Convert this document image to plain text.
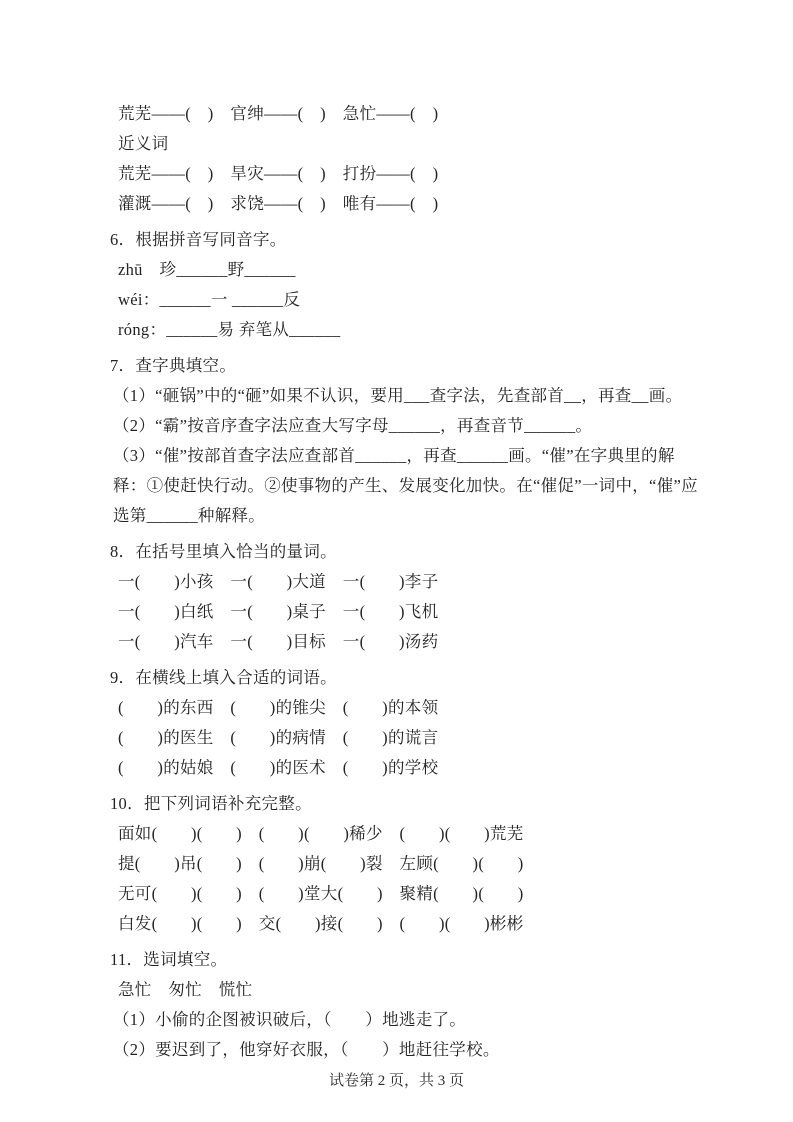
荒芜——(　)　官绅——(　)　急忙——(　)

近义词

荒芜——(　)　旱灾——(　)　打扮——(　)

灌溉——(　)　求饶——(　)　唯有——(　)

6．根据拼音写同音字。

zhū　珍______野______

wéi：______一 ______反

róng：______易 弃笔从______

7．查字典填空。

（1）“砸锅”中的“砸”如果不认识，要用___查字法，先查部首__，再查__画。

（2）“霸”按音序查字法应查大写字母______，再查音节______。

（3）“催”按部首查字法应查部首______，再查______画。“催”在字典里的解释：①使赶快行动。②使事物的产生、发展变化加快。在“催促”一词中，“催”应选第______种解释。

8．在括号里填入恰当的量词。

一(　　)小孩　一(　　)大道　一(　　)李子

一(　　)白纸　一(　　)桌子　一(　　)飞机

一(　　)汽车　一(　　)目标　一(　　)汤药

9．在横线上填入合适的词语。

(　　)的东西　(　　)的锥尖　(　　)的本领

(　　)的医生　(　　)的病情　(　　)的谎言

(　　)的姑娘　(　　)的医术　(　　)的学校

10．把下列词语补充完整。

面如(　　)(　　)　(　　)(　　)稀少　(　　)(　　)荒芜

提(　　)吊(　　)　(　　)崩(　　)裂　左顾(　　)(　　)

无可(　　)(　　)　(　　)堂大(　　)　聚精(　　)(　　)

白发(　　)(　　)　交(　　)接(　　)　(　　)(　　)彬彬

11．选词填空。

急忙　匆忙　慌忙

（1）小偷的企图被识破后，（　　）地逃走了。

（2）要迟到了，他穿好衣服，（　　）地赶往学校。

试卷第 2 页，共 3 页
